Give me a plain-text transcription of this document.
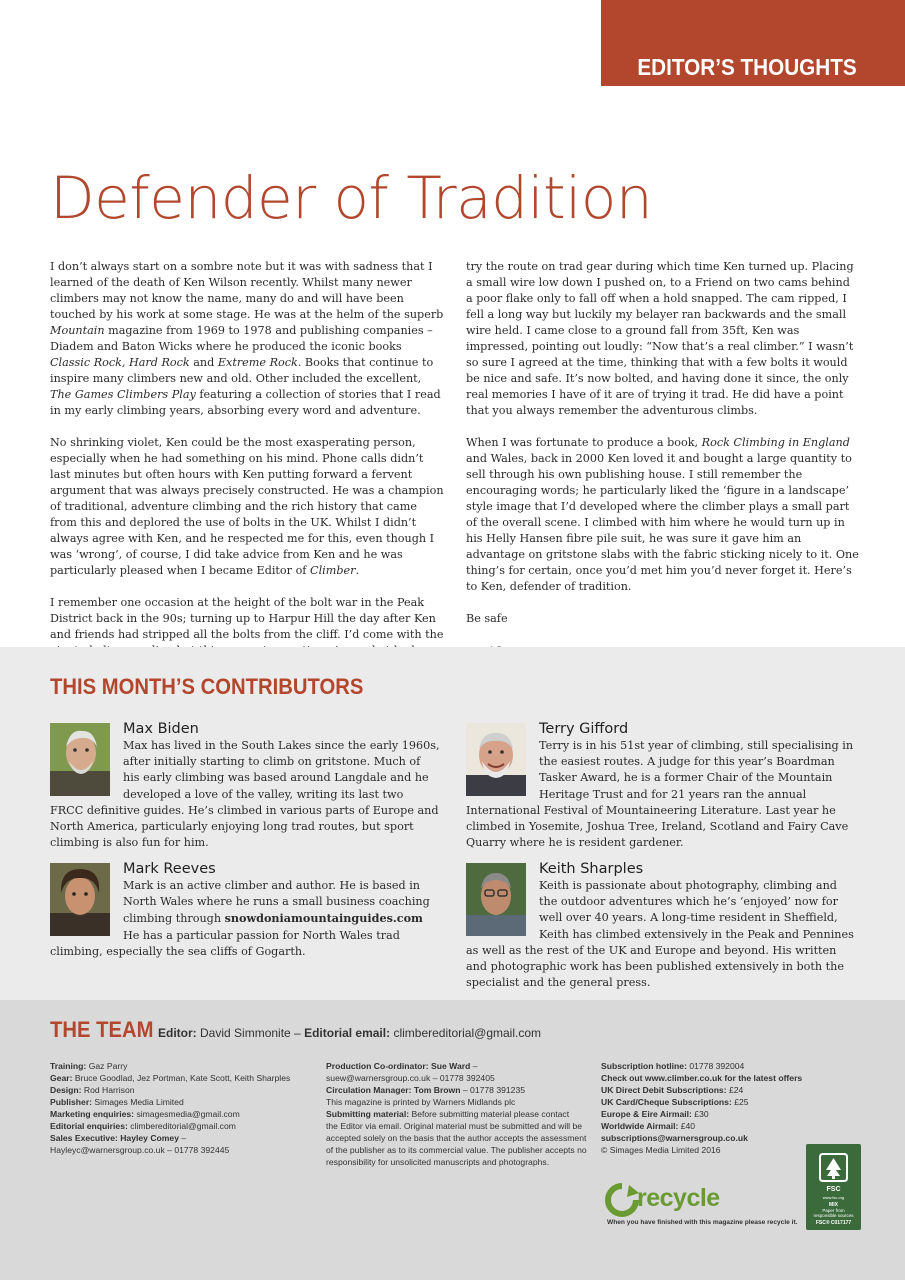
EDITOR’S THOUGHTS
Defender of Tradition

I don’t always start on a sombre note but it was with sadness that I learned of the death of Ken Wilson recently. Whilst many newer climbers may not know the name, many do and will have been touched by his work at some stage. He was at the helm of the superb Mountain magazine from 1969 to 1978 and publishing companies – Diadem and Baton Wicks where he produced the iconic books Classic Rock, Hard Rock and Extreme Rock. Books that continue to inspire many climbers new and old. Other included the excellent, The Games Climbers Play featuring a collection of stories that I read in my early climbing years, absorbing every word and adventure.

No shrinking violet, Ken could be the most exasperating person, especially when he had something on his mind. Phone calls didn’t last minutes but often hours with Ken putting forward a fervent argument that was always precisely constructed. He was a champion of traditional, adventure climbing and the rich history that came from this and deplored the use of bolts in the UK. Whilst I didn’t always agree with Ken, and he respected me for this, even though I was ‘wrong’, of course, I did take advice from Ken and he was particularly pleased when I became Editor of Climber.

I remember one occasion at the height of the bolt war in the Peak District back in the 90s; turning up to Harpur Hill the day after Ken and friends had stripped all the bolts from the cliff. I’d come with the

try the route on trad gear during which time Ken turned up. Placing a small wire low down I pushed on, to a Friend on two cams behind a poor flake only to fall off when a hold snapped. The cam ripped, I fell a long way but luckily my belayer ran backwards and the small wire held. I came close to a ground fall from 35ft, Ken was impressed, pointing out loudly: “Now that’s a real climber.” I wasn’t so sure I agreed at the time, thinking that with a few bolts it would be nice and safe. It’s now bolted, and having done it since, the only real memories I have of it are of trying it trad. He did have a point that you always remember the adventurous climbs.

When I was fortunate to produce a book, Rock Climbing in England and Wales, back in 2000 Ken loved it and bought a large quantity to sell through his own publishing house. I still remember the encouraging words; he particularly liked the ‘figure in a landscape’ style image that I’d developed where the climber plays a small part of the overall scene. I climbed with him where he would turn up in his Helly Hansen fibre pile suit, he was sure it gave him an advantage on gritstone slabs with the fabric sticking nicely to it. One thing’s for certain, once you’d met him you’d never forget it. Here’s to Ken, defender of tradition.

Be safe

THIS MONTH’S CONTRIBUTORS
Max Biden

Max has lived in the South Lakes since the early 1960s, after initially starting to climb on gritstone. Much of his early climbing was based around Langdale and he developed a love of the valley, writing its last two FRCC definitive guides. He’s climbed in various parts of Europe and North America, particularly enjoying long trad routes, but sport climbing is also fun for him.

Terry Gifford

Terry is in his 51st year of climbing, still specialising in the easiest routes. A judge for this year’s Boardman Tasker Award, he is a former Chair of the Mountain Heritage Trust and for 21 years ran the annual International Festival of Mountaineering Literature. Last year he climbed in Yosemite, Joshua Tree, Ireland, Scotland and Fairy Cave Quarry where he is resident gardener.

Mark Reeves

Mark is an active climber and author. He is based in North Wales where he runs a small business coaching climbing through snowdoniamountainguides.com He has a particular passion for North Wales trad climbing, especially the sea cliffs of Gogarth.

Keith Sharples

Keith is passionate about photography, climbing and the outdoor adventures which he’s ‘enjoyed’ now for well over 40 years. A long-time resident in Sheffield, Keith has climbed extensively in the Peak and Pennines as well as the rest of the UK and Europe and beyond. His written and photographic work has been published extensively in both the specialist and the general press.

THE TEAM Editor: David Simmonite – Editorial email: climbereditorial@gmail.com
Training: Gaz Parry
Gear: Bruce Goodlad, Jez Portman, Kate Scott, Keith Sharples
Design: Rod Harrison
Publisher: Simages Media Limited
Marketing enquiries: simagesmedia@gmail.com
Editorial enquiries: climbereditorial@gmail.com
Sales Executive: Hayley Comey –
Hayleyc@warnersgroup.co.uk – 01778 392445
Production Co-ordinator: Sue Ward –
suew@warnersgroup.co.uk – 01778 392405
Circulation Manager: Tom Brown – 01778 391235
This magazine is printed by Warners Midlands plc
Submitting material: Before submitting material please contact
the Editor via email. Original material must be submitted and will be
accepted solely on the basis that the author accepts the assessment
of the publisher as to its commercial value. The publisher accepts no
responsibility for unsolicited manuscripts and photographs.
Subscription hotline: 01778 392004
Check out www.climber.co.uk for the latest offers
UK Direct Debit Subscriptions: £24
UK Card/Cheque Subscriptions: £25
Europe & Eire Airmail: £30
Worldwide Airmail: £40
subscriptions@warnersgroup.co.uk
© Simages Media Limited 2016
recycle
When you have finished with this magazine please recycle it.
FSC
www.fsc.org
MIX
Paper from
responsible sources
FSC® C017177
